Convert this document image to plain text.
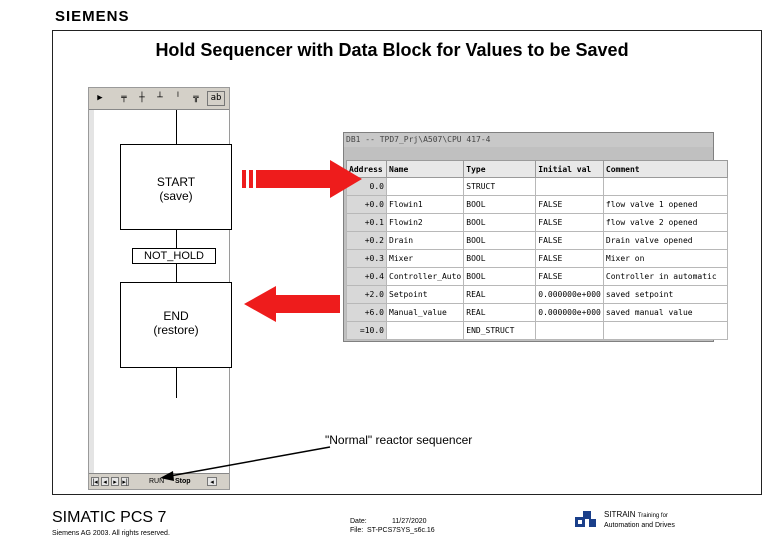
SIEMENS
Hold Sequencer with Data Block for Values to be Saved
▶	╤	┼	┴	╵	╦	ab
START
(save)
NOT_HOLD
END
(restore)
|◂ ◂ ▸ ▸|	RUN Stop	◂
DB1 -- TPD7_Prj\A507\CPU 417-4
Address	Name	Type	Initial val	Comment
0.0		STRUCT		
+0.0	Flowin1	BOOL	FALSE	flow valve 1 opened
+0.1	Flowin2	BOOL	FALSE	flow valve 2 opened
+0.2	Drain	BOOL	FALSE	Drain valve opened
+0.3	Mixer	BOOL	FALSE	Mixer on
+0.4	Controller_Auto	BOOL	FALSE	Controller in automatic
+2.0	Setpoint	REAL	0.000000e+000	saved setpoint
+6.0	Manual_value	REAL	0.000000e+000	saved manual value
=10.0		END_STRUCT		
"Normal" reactor sequencer
SIMATIC PCS 7
Siemens AG 2003. All rights reserved.
Date:	11/27/2020
File: ST-PCS7SYS_s6c.16
SITRAIN Training for
Automation and Drives
